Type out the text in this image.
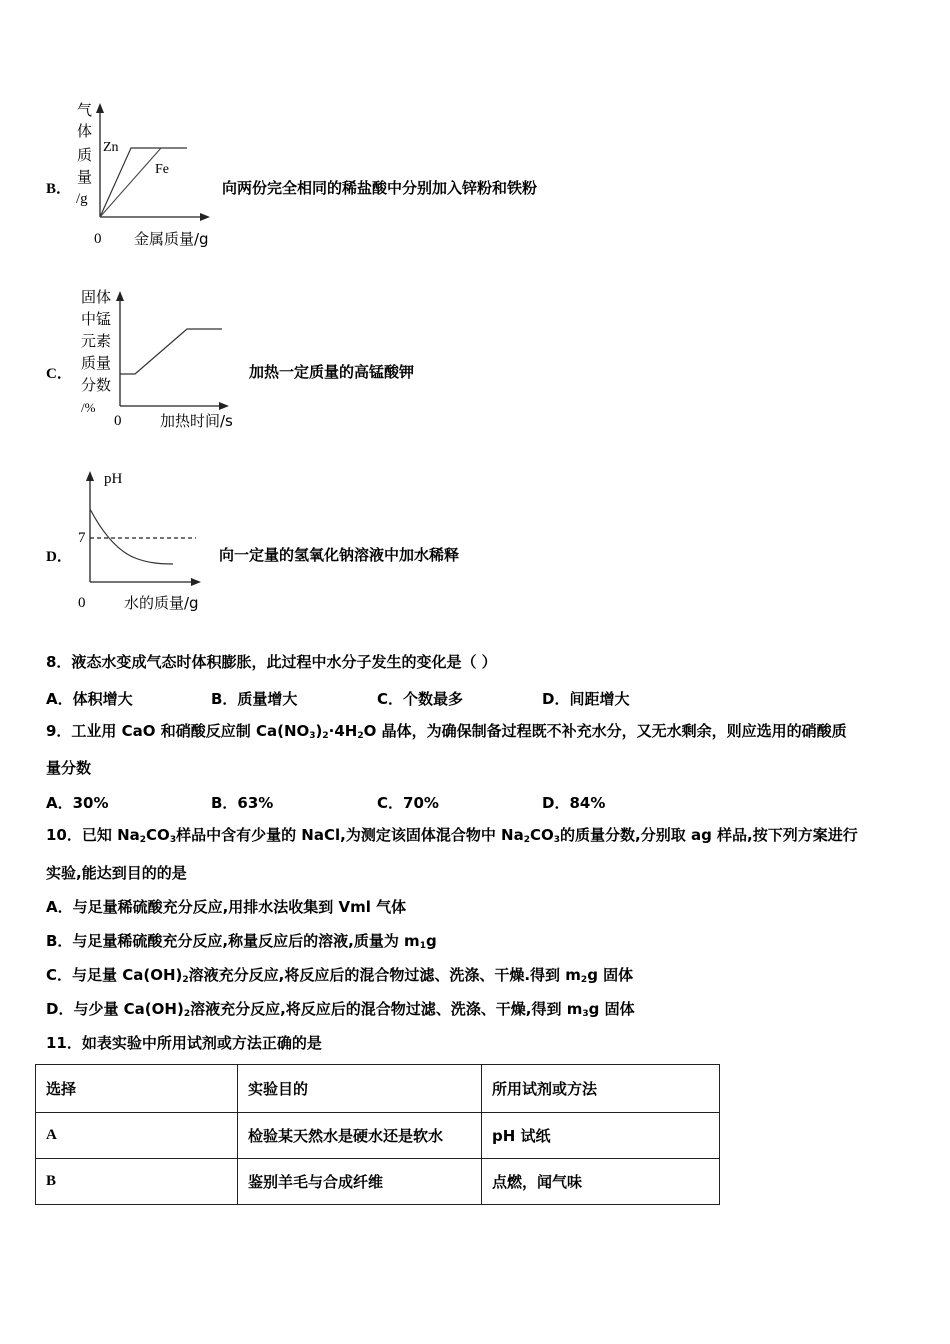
B．
气
体
质
量
/g
Zn
Fe
0 金属质量/g
向两份完全相同的稀盐酸中分别加入锌粉和铁粉
C．
固体
中锰
元素
质量
分数
/%
0	加热时间/s
加热一定质量的高锰酸钾
D．
pH
7
0	水的质量/g
向一定量的氢氧化钠溶液中加水稀释
8．液态水变成气态时体积膨胀，此过程中水分子发生的变化是（ ）
A．体积增大	B．质量增大	C．个数最多	D．间距增大
9．工业用 CaO 和硝酸反应制 $Ca(NO_3)_2\cdot 4H_2O$ 晶体，为确保制备过程既不补充水分，又无水剩余，则应选用的硝酸质
量分数
A．30%	B．63%	C．70%	D．84%
10．已知 $Na_2CO_3$样品中含有少量的 NaCl,为测定该固体混合物中 $Na_2CO_3$的质量分数,分别取 ag 样品,按下列方案进行
实验,能达到目的的是
A．与足量稀硫酸充分反应,用排水法收集到 Vml 气体
B．与足量稀硫酸充分反应,称量反应后的溶液,质量为 $m_1g$
C．与足量 $Ca(OH)_2$溶液充分反应,将反应后的混合物过滤、洗涤、干燥.得到 $m_2g$ 固体
D．与少量 $Ca(OH)_2$溶液充分反应,将反应后的混合物过滤、洗涤、干燥,得到 $m_3g$ 固体
11．如表实验中所用试剂或方法正确的是
选择	实验目的	所用试剂或方法
A	检验某天然水是硬水还是软水	pH 试纸
B	鉴别羊毛与合成纤维	点燃，闻气味
